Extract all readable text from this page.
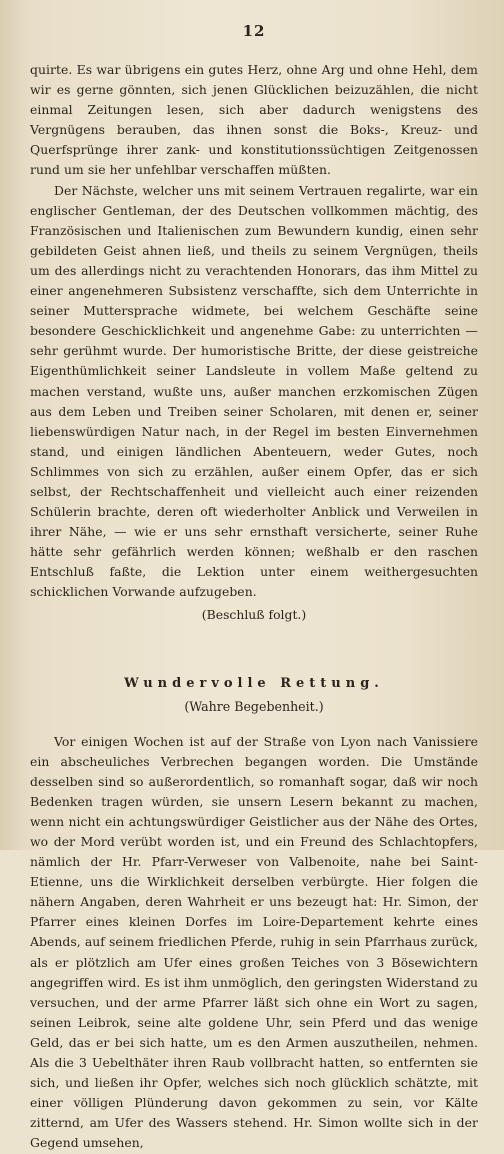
12

quirte. Es war übrigens ein gutes Herz, ohne Arg und ohne Hehl, dem wir es gerne gönnten, sich jenen Glücklichen beizuzählen, die nicht einmal Zeitungen lesen, sich aber dadurch wenigstens des Vergnügens berauben, das ihnen sonst die Boks-, Kreuz- und Querfsprünge ihrer zank- und konstitutionssüchtigen Zeitgenossen rund um sie her unfehlbar verschaffen müßten.

Der Nächste, welcher uns mit seinem Vertrauen regalirte, war ein englischer Gentleman, der des Deutschen vollkommen mächtig, des Französischen und Italienischen zum Bewundern kundig, einen sehr gebildeten Geist ahnen ließ, und theils zu seinem Vergnügen, theils um des allerdings nicht zu verachtenden Honorars, das ihm Mittel zu einer angenehmeren Subsistenz verschaffte, sich dem Unterrichte in seiner Muttersprache widmete, bei welchem Geschäfte seine besondere Geschicklichkeit und angenehme Gabe: zu unterrichten — sehr gerühmt wurde. Der humoristische Britte, der diese geistreiche Eigenthümlichkeit seiner Landsleute in vollem Maße geltend zu machen verstand, wußte uns, außer manchen erzkomischen Zügen aus dem Leben und Treiben seiner Scholaren, mit denen er, seiner liebenswürdigen Natur nach, in der Regel im besten Einvernehmen stand, und einigen ländlichen Abenteuern, weder Gutes, noch Schlimmes von sich zu erzählen, außer einem Opfer, das er sich selbst, der Rechtschaffenheit und vielleicht auch einer reizenden Schülerin brachte, deren oft wiederholter Anblick und Verweilen in ihrer Nähe, — wie er uns sehr ernsthaft versicherte, seiner Ruhe hätte sehr gefährlich werden können; weßhalb er den raschen Entschluß faßte, die Lektion unter einem weithergesuchten schicklichen Vorwande aufzugeben.

(Beschluß folgt.)

Wundervolle Rettung.
(Wahre Begebenheit.)

Vor einigen Wochen ist auf der Straße von Lyon nach Vanissiere ein abscheuliches Verbrechen begangen worden. Die Umstände desselben sind so außerordentlich, so romanhaft sogar, daß wir noch Bedenken tragen würden, sie unsern Lesern bekannt zu machen, wenn nicht ein achtungswürdiger Geistlicher aus der Nähe des Ortes, wo der Mord verübt worden ist, und ein Freund des Schlachtopfers, nämlich der Hr. Pfarr-Verweser von Valbenoite, nahe bei Saint-Etienne, uns die Wirklichkeit derselben verbürgte. Hier folgen die nähern Angaben, deren Wahrheit er uns bezeugt hat: Hr. Simon, der Pfarrer eines kleinen Dorfes im Loire-Departement kehrte eines Abends, auf seinem friedlichen Pferde, ruhig in sein Pfarrhaus zurück, als er plötzlich am Ufer eines großen Teiches von 3 Bösewichtern angegriffen wird. Es ist ihm unmöglich, den geringsten Widerstand zu versuchen, und der arme Pfarrer läßt sich ohne ein Wort zu sagen, seinen Leibrok, seine alte goldene Uhr, sein Pferd und das wenige Geld, das er bei sich hatte, um es den Armen auszutheilen, nehmen. Als die 3 Uebelthäter ihren Raub vollbracht hatten, so entfernten sie sich, und ließen ihr Opfer, welches sich noch glücklich schätzte, mit einer völligen Plünderung davon gekommen zu sein, vor Kälte zitternd, am Ufer des Wassers stehend. Hr. Simon wollte sich in der Gegend umsehen,
